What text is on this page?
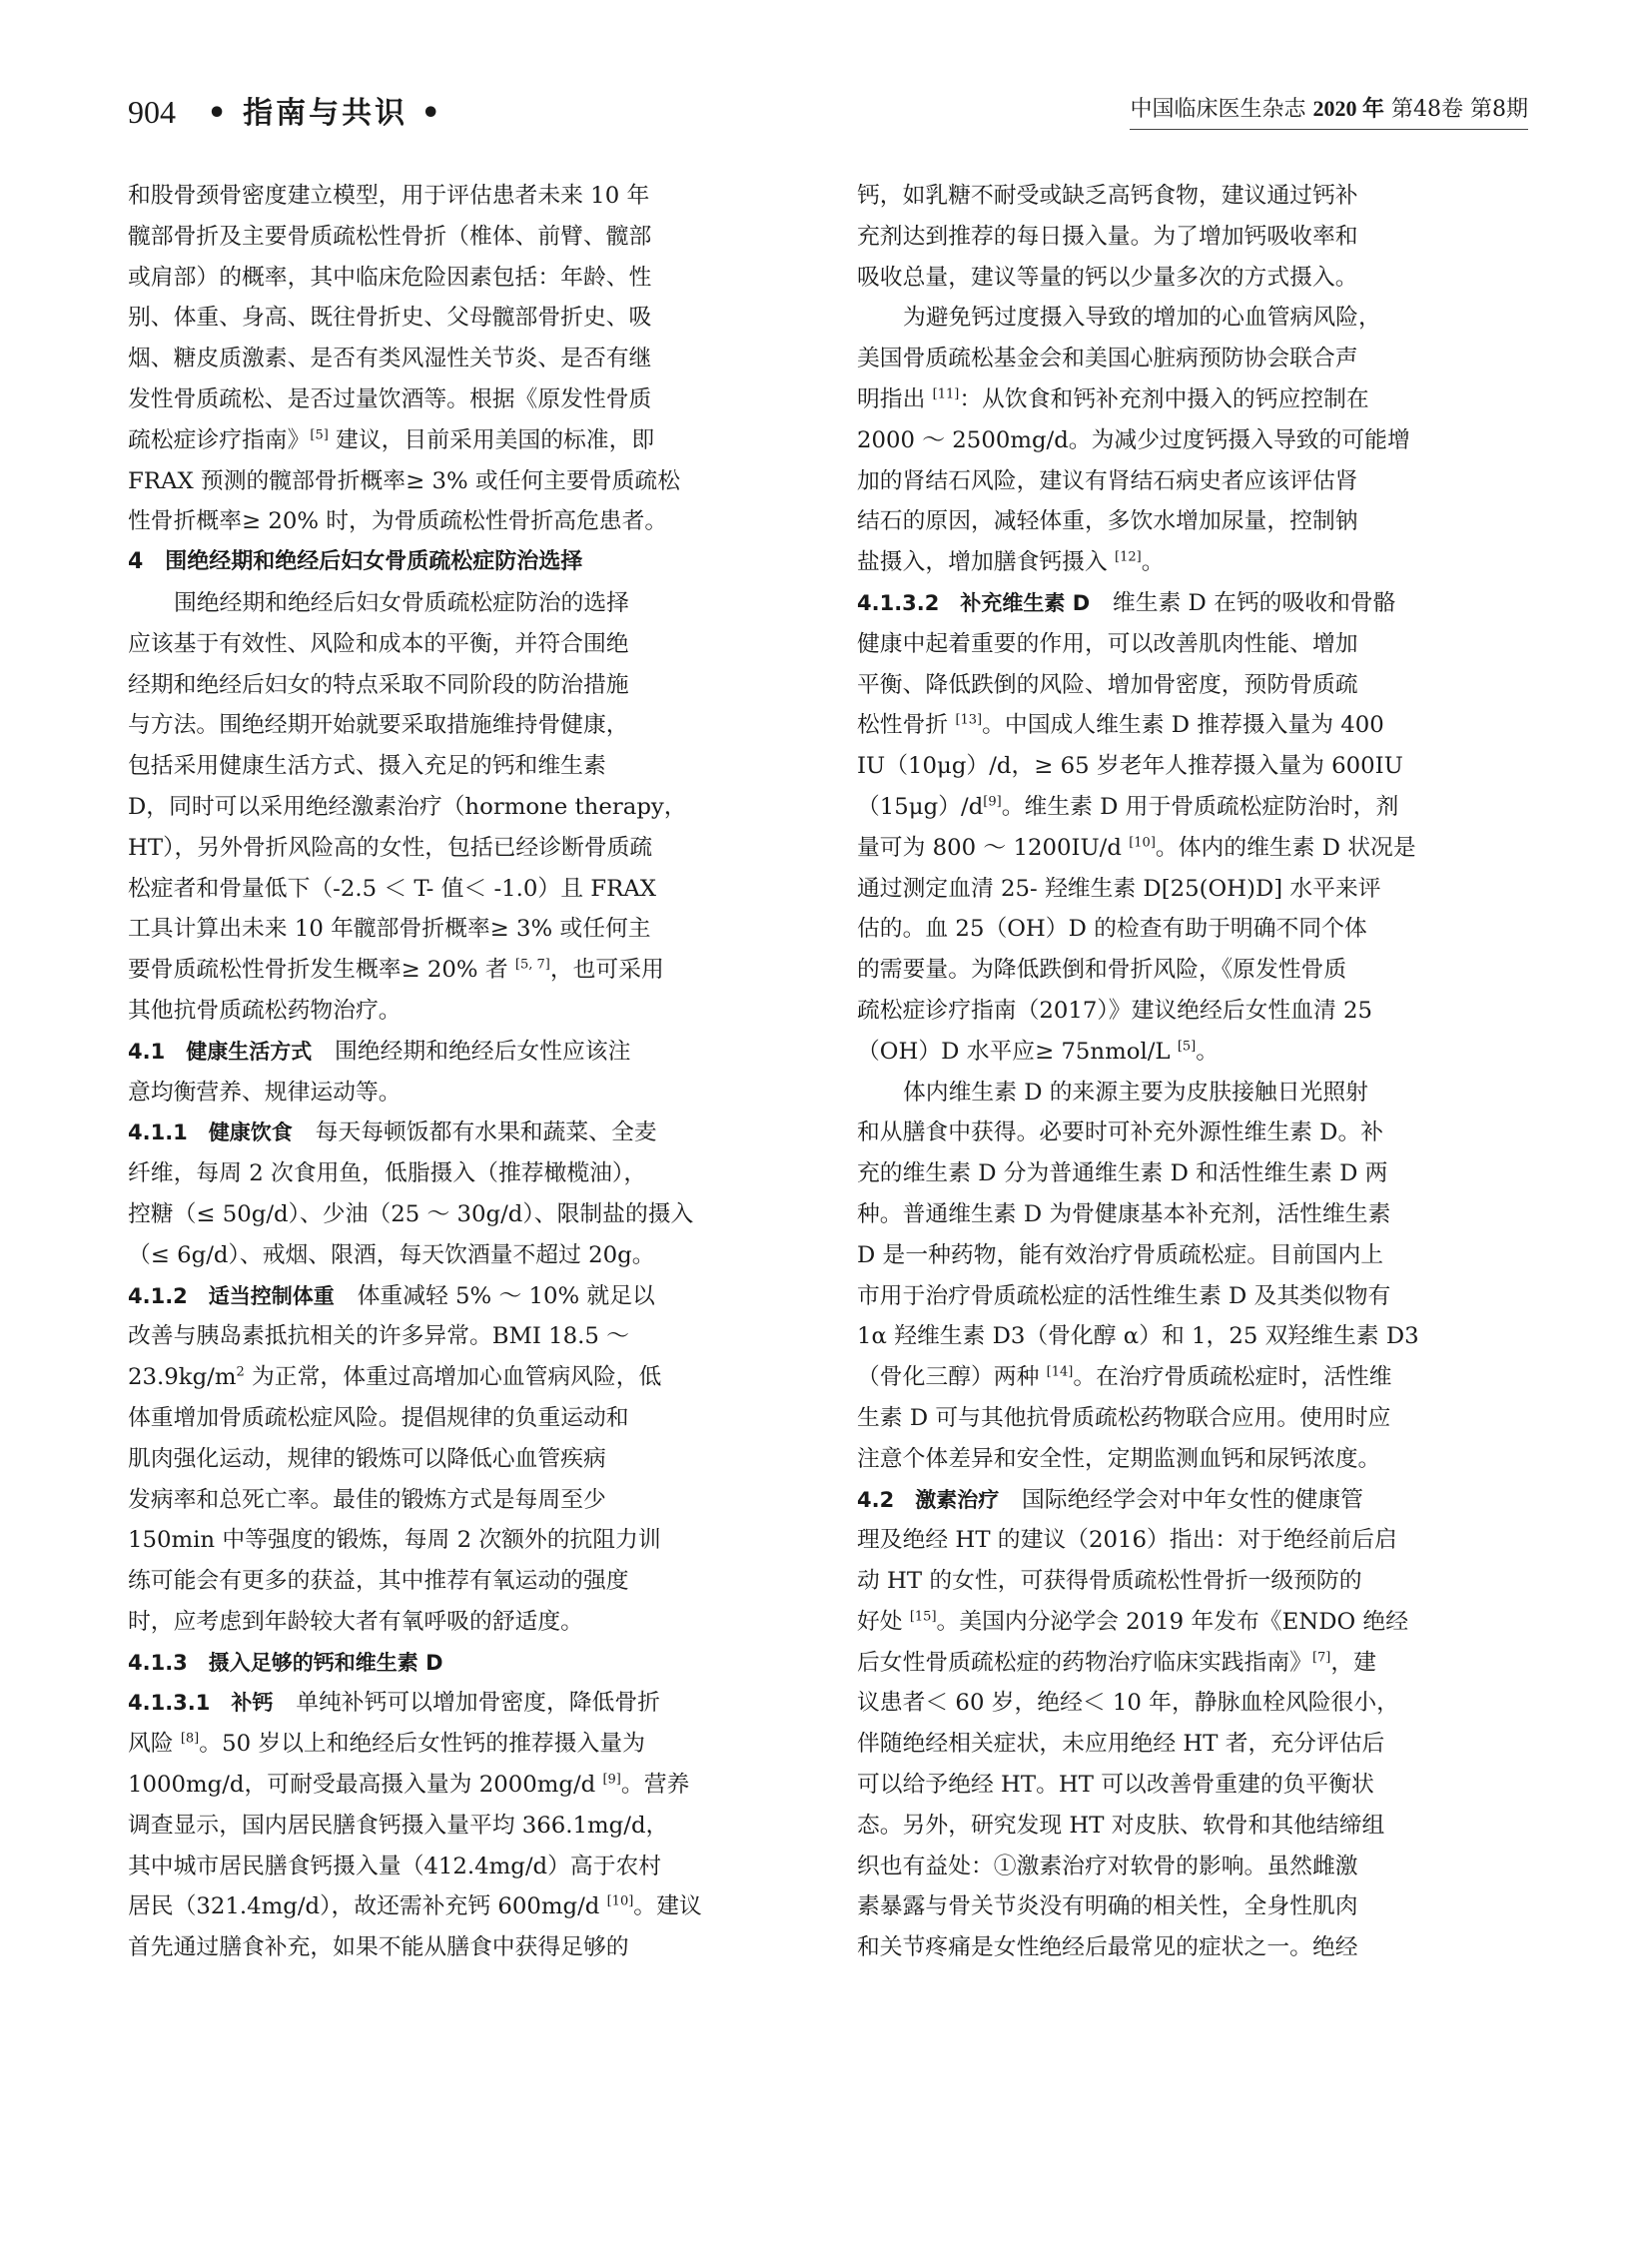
904 • 指南与共识 •	中国临床医生杂志 2020 年 第48卷 第8期
和股骨颈骨密度建立模型，用于评估患者未来 10 年
髋部骨折及主要骨质疏松性骨折（椎体、前臂、髋部
或肩部）的概率，其中临床危险因素包括：年龄、性
别、体重、身高、既往骨折史、父母髋部骨折史、吸
烟、糖皮质激素、是否有类风湿性关节炎、是否有继
发性骨质疏松、是否过量饮酒等。根据《原发性骨质
疏松症诊疗指南》[5] 建议，目前采用美国的标准，即
FRAX 预测的髋部骨折概率≥ 3% 或任何主要骨质疏松
性骨折概率≥ 20% 时，为骨质疏松性骨折高危患者。
4　围绝经期和绝经后妇女骨质疏松症防治选择
围绝经期和绝经后妇女骨质疏松症防治的选择
应该基于有效性、风险和成本的平衡，并符合围绝
经期和绝经后妇女的特点采取不同阶段的防治措施
与方法。围绝经期开始就要采取措施维持骨健康，
包括采用健康生活方式、摄入充足的钙和维生素
D，同时可以采用绝经激素治疗（hormone therapy，
HT），另外骨折风险高的女性，包括已经诊断骨质疏
松症者和骨量低下（-2.5 ＜ T- 值＜ -1.0）且 FRAX
工具计算出未来 10 年髋部骨折概率≥ 3% 或任何主
要骨质疏松性骨折发生概率≥ 20% 者 [5, 7]，也可采用
其他抗骨质疏松药物治疗。
4.1　健康生活方式　围绝经期和绝经后女性应该注
意均衡营养、规律运动等。
4.1.1　健康饮食　每天每顿饭都有水果和蔬菜、全麦
纤维，每周 2 次食用鱼，低脂摄入（推荐橄榄油），
控糖（≤ 50g/d）、少油（25 ～ 30g/d）、限制盐的摄入
（≤ 6g/d）、戒烟、限酒，每天饮酒量不超过 20g。
4.1.2　适当控制体重　体重减轻 5% ～ 10% 就足以
改善与胰岛素抵抗相关的许多异常。BMI 18.5 ～
$23.9kg/m^2$ 为正常，体重过高增加心血管病风险，低
体重增加骨质疏松症风险。提倡规律的负重运动和
肌肉强化运动，规律的锻炼可以降低心血管疾病
发病率和总死亡率。最佳的锻炼方式是每周至少
150min 中等强度的锻炼，每周 2 次额外的抗阻力训
练可能会有更多的获益，其中推荐有氧运动的强度
时，应考虑到年龄较大者有氧呼吸的舒适度。
4.1.3　摄入足够的钙和维生素 D
4.1.3.1　补钙　单纯补钙可以增加骨密度，降低骨折
风险 [8]。50 岁以上和绝经后女性钙的推荐摄入量为
1000mg/d，可耐受最高摄入量为 2000mg/d [9]。营养
调查显示，国内居民膳食钙摄入量平均 366.1mg/d，
其中城市居民膳食钙摄入量（412.4mg/d）高于农村
居民（321.4mg/d），故还需补充钙 600mg/d [10]。建议
首先通过膳食补充，如果不能从膳食中获得足够的
钙，如乳糖不耐受或缺乏高钙食物，建议通过钙补
充剂达到推荐的每日摄入量。为了增加钙吸收率和
吸收总量，建议等量的钙以少量多次的方式摄入。
为避免钙过度摄入导致的增加的心血管病风险，
美国骨质疏松基金会和美国心脏病预防协会联合声
明指出 [11]：从饮食和钙补充剂中摄入的钙应控制在
2000 ～ 2500mg/d。为减少过度钙摄入导致的可能增
加的肾结石风险，建议有肾结石病史者应该评估肾
结石的原因，减轻体重，多饮水增加尿量，控制钠
盐摄入，增加膳食钙摄入 [12]。
4.1.3.2　补充维生素 D　维生素 D 在钙的吸收和骨骼
健康中起着重要的作用，可以改善肌肉性能、增加
平衡、降低跌倒的风险、增加骨密度，预防骨质疏
松性骨折 [13]。中国成人维生素 D 推荐摄入量为 400
IU（10μg）/d，≥ 65 岁老年人推荐摄入量为 600IU
（15μg）/d[9]。维生素 D 用于骨质疏松症防治时，剂
量可为 800 ～ 1200IU/d [10]。体内的维生素 D 状况是
通过测定血清 25- 羟维生素 D[25(OH)D] 水平来评
估的。血 25（OH）D 的检查有助于明确不同个体
的需要量。为降低跌倒和骨折风险，《原发性骨质
疏松症诊疗指南（2017）》建议绝经后女性血清 25
（OH）D 水平应≥ 75nmol/L [5]。
体内维生素 D 的来源主要为皮肤接触日光照射
和从膳食中获得。必要时可补充外源性维生素 D。补
充的维生素 D 分为普通维生素 D 和活性维生素 D 两
种。普通维生素 D 为骨健康基本补充剂，活性维生素
D 是一种药物，能有效治疗骨质疏松症。目前国内上
市用于治疗骨质疏松症的活性维生素 D 及其类似物有
1α 羟维生素 D3（骨化醇 α）和 1，25 双羟维生素 D3
（骨化三醇）两种 [14]。在治疗骨质疏松症时，活性维
生素 D 可与其他抗骨质疏松药物联合应用。使用时应
注意个体差异和安全性，定期监测血钙和尿钙浓度。
4.2　激素治疗　国际绝经学会对中年女性的健康管
理及绝经 HT 的建议（2016）指出：对于绝经前后启
动 HT 的女性，可获得骨质疏松性骨折一级预防的
好处 [15]。美国内分泌学会 2019 年发布《ENDO 绝经
后女性骨质疏松症的药物治疗临床实践指南》[7]，建
议患者＜ 60 岁，绝经＜ 10 年，静脉血栓风险很小，
伴随绝经相关症状，未应用绝经 HT 者，充分评估后
可以给予绝经 HT。HT 可以改善骨重建的负平衡状
态。另外，研究发现 HT 对皮肤、软骨和其他结缔组
织也有益处：①激素治疗对软骨的影响。虽然雌激
素暴露与骨关节炎没有明确的相关性，全身性肌肉
和关节疼痛是女性绝经后最常见的症状之一。绝经
